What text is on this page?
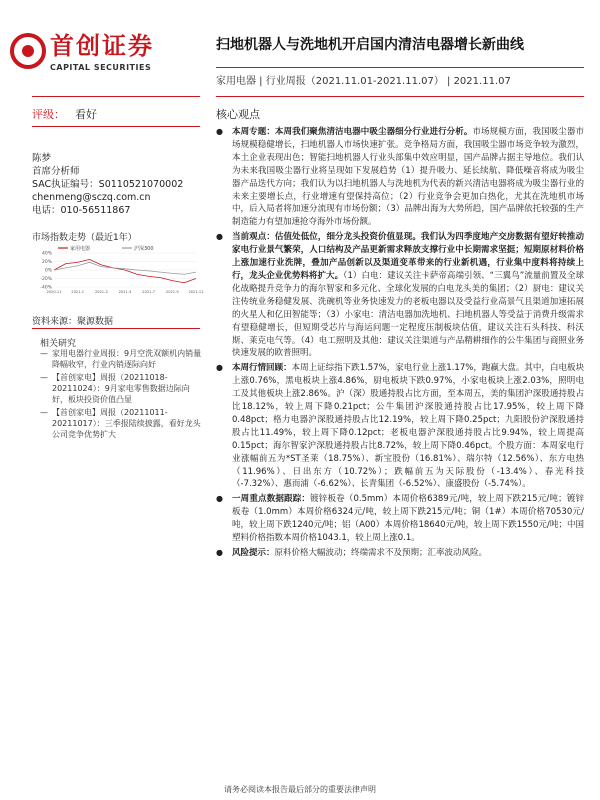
首创证券
CAPITAL SECURITIES
扫地机器人与洗地机开启国内清洁电器增长新曲线
家用电器 | 行业周报（2021.11.01-2021.11.07） | 2021.11.07
评级： 看好
陈梦
首席分析师
SAC执证编号：S0110521070002
chenmeng@sczq.com.cn
电话：010-56511867
市场指数走势（最近1年）
家用电器	沪深300
40%
20%
0%
-20%
-40%
2020-11	2021-1	2021-3	2021-5	2021-7	2021-9	2021-11
资料来源：聚源数据
相关研究
— 家用电器行业周报：9月空洗双额机内销量降幅收窄，行业内销逐际向好
— 【首创家电】周报（20211018-20211024）：9月家电零售数据边际向好，板块投资价值凸显
— 【首创家电】周报（20211011-20211017）：三季报陆续披露，看好龙头公司竞争优势扩大
核心观点

● 本周专题：本周我们聚焦清洁电器中吸尘器细分行业进行分析。市场规模方面，我国吸尘器市场规模稳健增长，扫地机器人市场快速扩张。竞争格局方面，我国吸尘器市场竞争较为激烈，本土企业表现出色；智能扫地机器人行业头部集中效应明显，国产品牌占据主导地位。我们认为未来我国吸尘器行业将呈现如下发展趋势（1）提升吸力、延长续航、降低噪音将成为吸尘器产品迭代方向；我们认为以扫地机器人与洗地机为代表的新兴清洁电器将成为吸尘器行业的未来主要增长点，行业增速有望保持高位；（2）行业竞争会更加白热化，尤其在洗地机市场中，后入局者将加速分流现有市场份额；（3）品牌出海为大势所趋，国产品牌依托较强的生产制造能力有望加速抢夺海外市场份额。

● 当前观点：估值处低位，细分龙头投资价值显现。我们认为四季度地产交房数据有望好转推动家电行业景气繁荣，人口结构及产品更新需求释放支撑行业中长期需求坚挺；短期原材料价格上涨加速行业洗牌，叠加产品创新以及渠道变革带来的行业新机遇，行业集中度料将持续上行，龙头企业优势料将扩大。（1）白电：建议关注卡萨帝高端引领、“三翼鸟”流量前置及全球化战略提升竞争力的海尔智家和多元化、全球化发展的白电龙头美的集团；（2）厨电：建议关注传统业务稳健发展、洗碗机等业务快速发力的老板电器以及受益行业高景气且渠道加速拓展的火星人和亿田智能等；（3）小家电：清洁电器加洗地机、扫地机器人等受益于消费升级需求有望稳健增长，但短期受芯片与海运问题一定程度压制板块估值，建议关注石头科技、科沃斯、莱克电气等。（4）电工照明及其他：建议关注渠道与产品精耕细作的公牛集团与商照业务快速发展的欧普照明。

● 本周行情回顾：本周上证综指下跌1.57%，家电行业上涨1.17%，跑赢大盘。其中，白电板块上涨0.76%，黑电板块上涨4.86%，厨电板块下跌0.97%，小家电板块上涨2.03%，照明电工及其他板块上涨2.86%。沪（深）股通持股占比方面，至本周五，美的集团沪深股通持股占比18.12%，较上周下降0.21pct；公牛集团沪深股通持股占比17.95%，较上周下降0.48pct；格力电器沪深股通持股占比12.19%，较上周下降0.25pct；九阳股份沪深股通持股占比11.49%，较上周下降0.12pct；老板电器沪深股通持股占比9.94%，较上周提高0.15pct；海尔智家沪深股通持股占比8.72%，较上周下降0.46pct。个股方面：本周家电行业涨幅前五为*ST圣莱（18.75%）、新宝股份（16.81%）、瑞尔特（12.56%）、东方电热（11.96%）、日出东方（10.72%）；跌幅前五为天际股份（-13.4%）、春光科技（-7.32%）、惠而浦（-6.62%）、长青集团（-6.52%）、康盛股份（-5.74%）。

● 一周重点数据跟踪：镀锌板卷（0.5mm）本周价格6389元/吨，较上周下跌215元/吨；镀锌板卷（1.0mm）本周价格6324元/吨，较上周下跌215元/吨；铜（1#）本周价格70530元/吨，较上周下跌1240元/吨；铝（A00）本周价格18640元/吨，较上周下跌1550元/吨；中国塑料价格指数本周价格1043.1，较上周上涨0.1。

● 风险提示：原料价格大幅波动；终端需求不及预期；汇率波动风险。

请务必阅读本报告最后部分的重要法律声明
